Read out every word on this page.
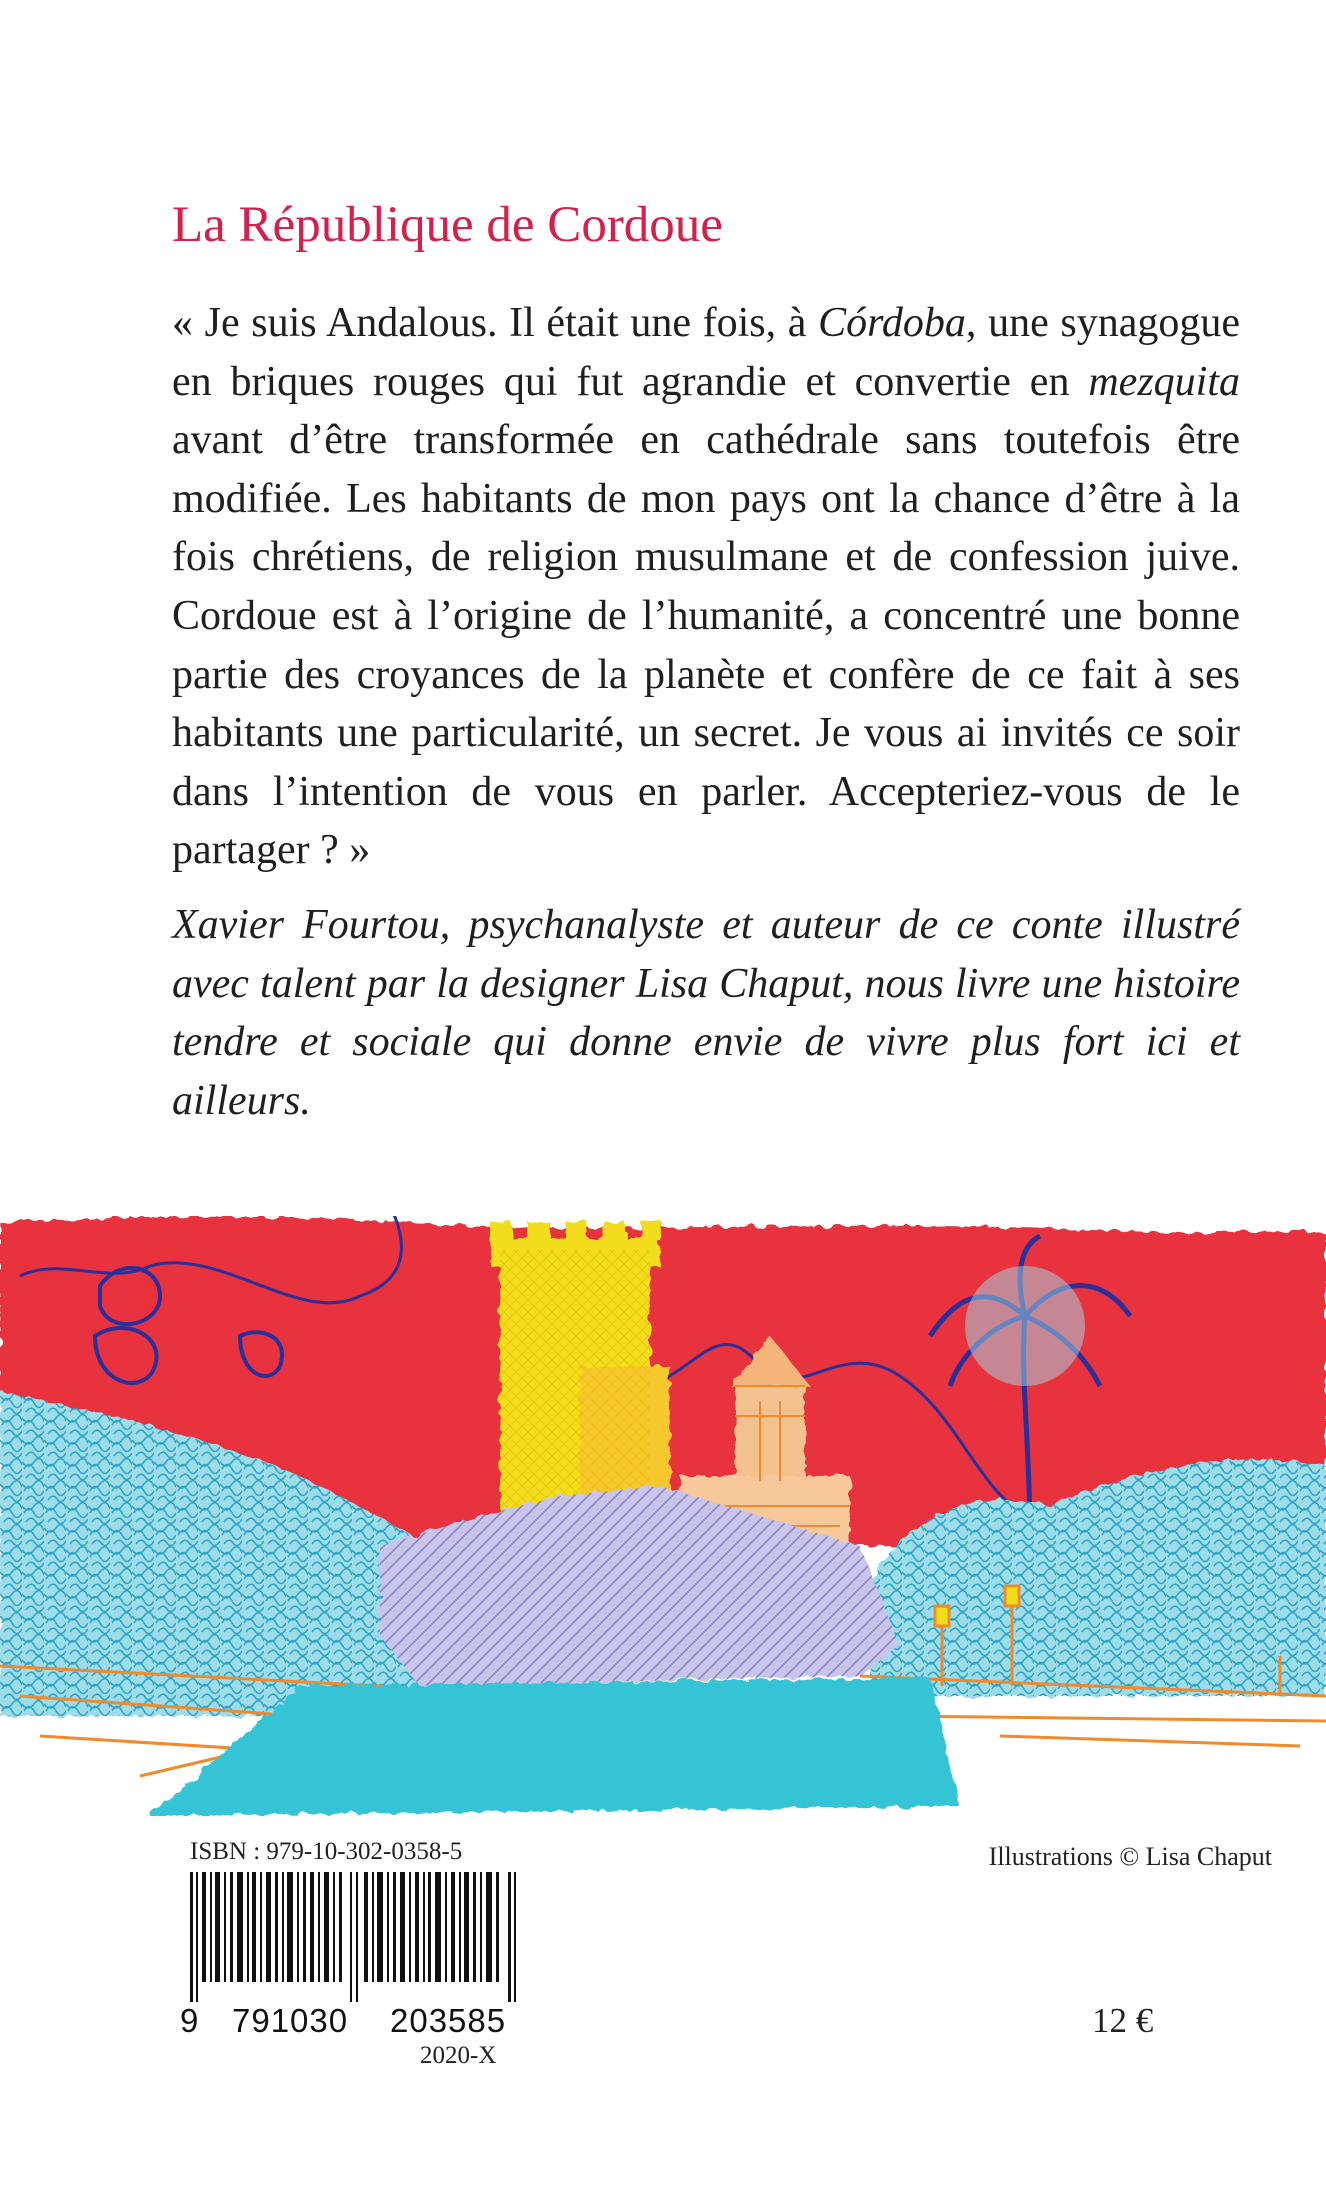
La République de Cordoue

« Je suis Andalous. Il était une fois, à Córdoba, une synagogue en briques rouges qui fut agrandie et convertie en mezquita avant d’être transformée en cathédrale sans toutefois être modifiée. Les habitants de mon pays ont la chance d’être à la fois chrétiens, de religion musulmane et de confession juive. Cordoue est à l’origine de l’humanité, a concentré une bonne partie des croyances de la planète et confère de ce fait à ses habitants une particularité, un secret. Je vous ai invités ce soir dans l’intention de vous en parler. Accepteriez-vous de le partager ? »

Xavier Fourtou, psychanalyste et auteur de ce conte illustré avec talent par la designer Lisa Chaput, nous livre une histoire tendre et sociale qui donne envie de vivre plus fort ici et ailleurs.

ISBN : 979-10-302-0358-5
9 791030 203585
2020-X
Illustrations © Lisa Chaput
12 €
